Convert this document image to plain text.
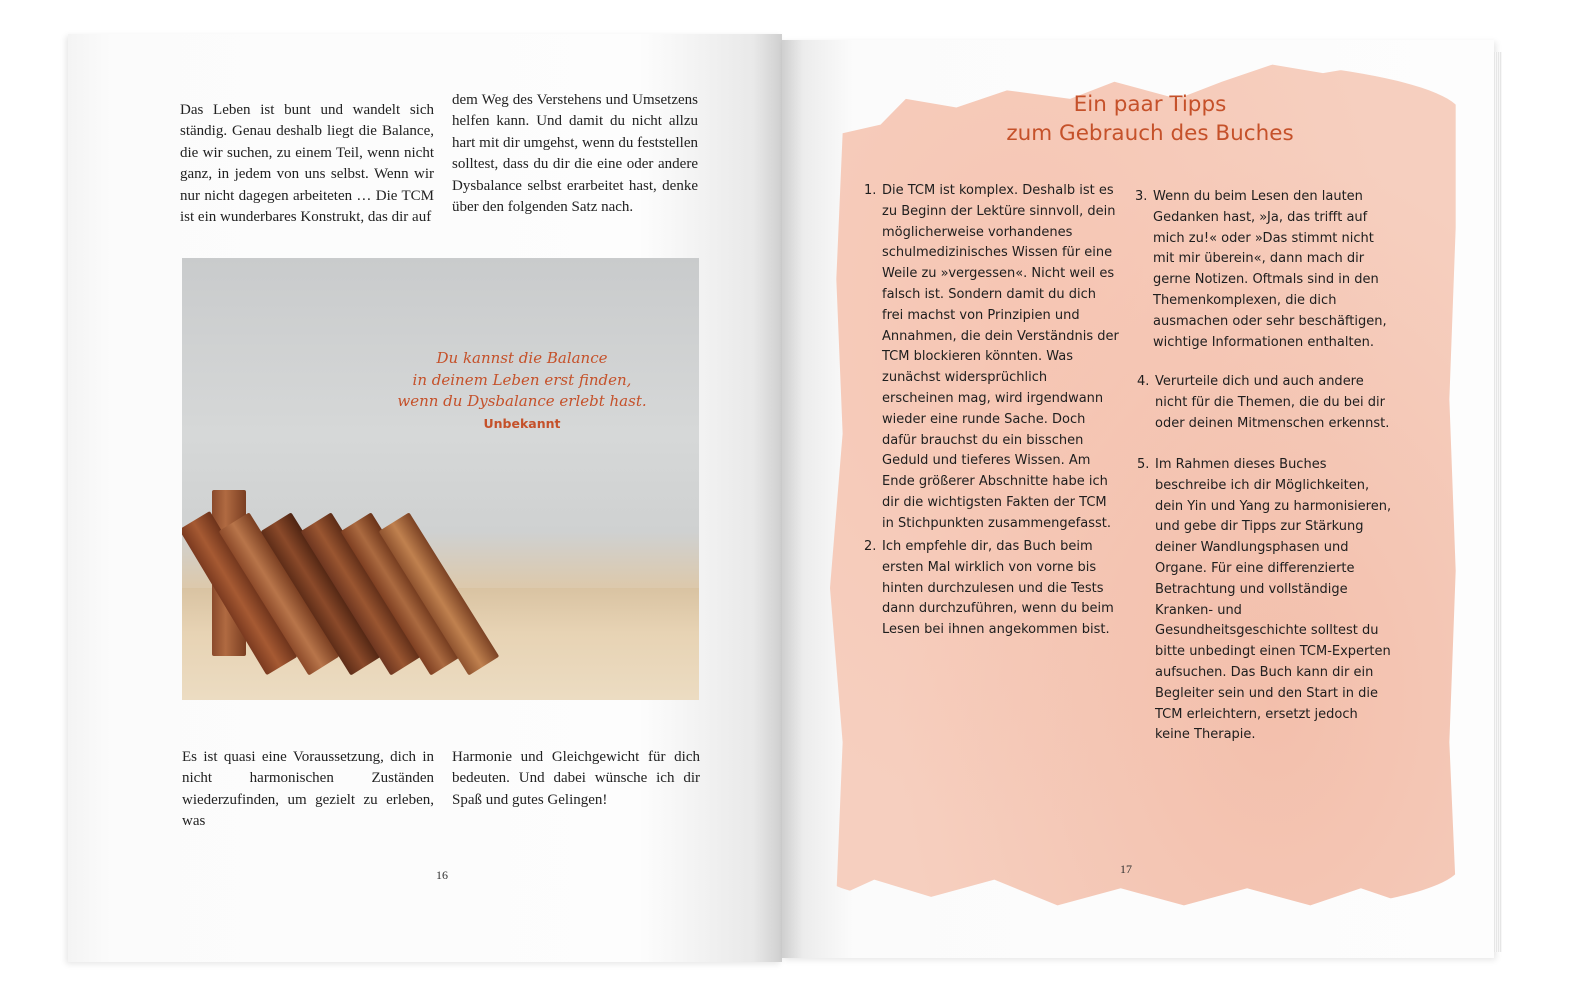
Das Leben ist bunt und wandelt sich ständig. Genau deshalb liegt die Balance, die wir suchen, zu einem Teil, wenn nicht ganz, in jedem von uns selbst. Wenn wir nur nicht dagegen arbeiteten … Die TCM ist ein wunderbares Konstrukt, das dir auf

dem Weg des Verstehens und Umsetzens helfen kann. Und damit du nicht allzu hart mit dir umgehst, wenn du feststellen solltest, dass du dir die eine oder andere Dysbalance selbst erarbeitet hast, denke über den folgenden Satz nach.

Du kannst die Balance
in deinem Leben erst finden,
wenn du Dysbalance erlebt hast.
Unbekannt

Es ist quasi eine Voraussetzung, dich in nicht harmonischen Zuständen wiederzufinden, um gezielt zu erleben, was

Harmonie und Gleichgewicht für dich bedeuten. Und dabei wünsche ich dir Spaß und gutes Gelingen!

16
Ein paar Tipps
zum Gebrauch des Buches
1. Die TCM ist komplex. Deshalb ist es zu Beginn der Lektüre sinnvoll, dein möglicherweise vorhandenes schulmedizinisches Wissen für eine Weile zu »vergessen«. Nicht weil es falsch ist. Sondern damit du dich frei machst von Prinzipien und Annahmen, die dein Verständnis der TCM blockieren könnten. Was zunächst widersprüchlich erscheinen mag, wird irgendwann wieder eine runde Sache. Doch dafür brauchst du ein bisschen Geduld und tieferes Wissen. Am Ende größerer Abschnitte habe ich dir die wichtigsten Fakten der TCM in Stichpunkten zusammengefasst.

2. Ich empfehle dir, das Buch beim ersten Mal wirklich von vorne bis hinten durchzulesen und die Tests dann durchzuführen, wenn du beim Lesen bei ihnen angekommen bist.

3. Wenn du beim Lesen den lauten Gedanken hast, »Ja, das trifft auf mich zu!« oder »Das stimmt nicht mit mir überein«, dann mach dir gerne Notizen. Oftmals sind in den Themenkomplexen, die dich ausmachen oder sehr beschäftigen, wichtige Informationen enthalten.

4. Verurteile dich und auch andere nicht für die Themen, die du bei dir oder deinen Mitmenschen erkennst.

5. Im Rahmen dieses Buches beschreibe ich dir Möglichkeiten, dein Yin und Yang zu harmonisieren, und gebe dir Tipps zur Stärkung deiner Wandlungsphasen und Organe. Für eine differenzierte Betrachtung und vollständige Kranken- und Gesundheitsgeschichte solltest du bitte unbedingt einen TCM-Experten aufsuchen. Das Buch kann dir ein Begleiter sein und den Start in die TCM erleichtern, ersetzt jedoch keine Therapie.

17
